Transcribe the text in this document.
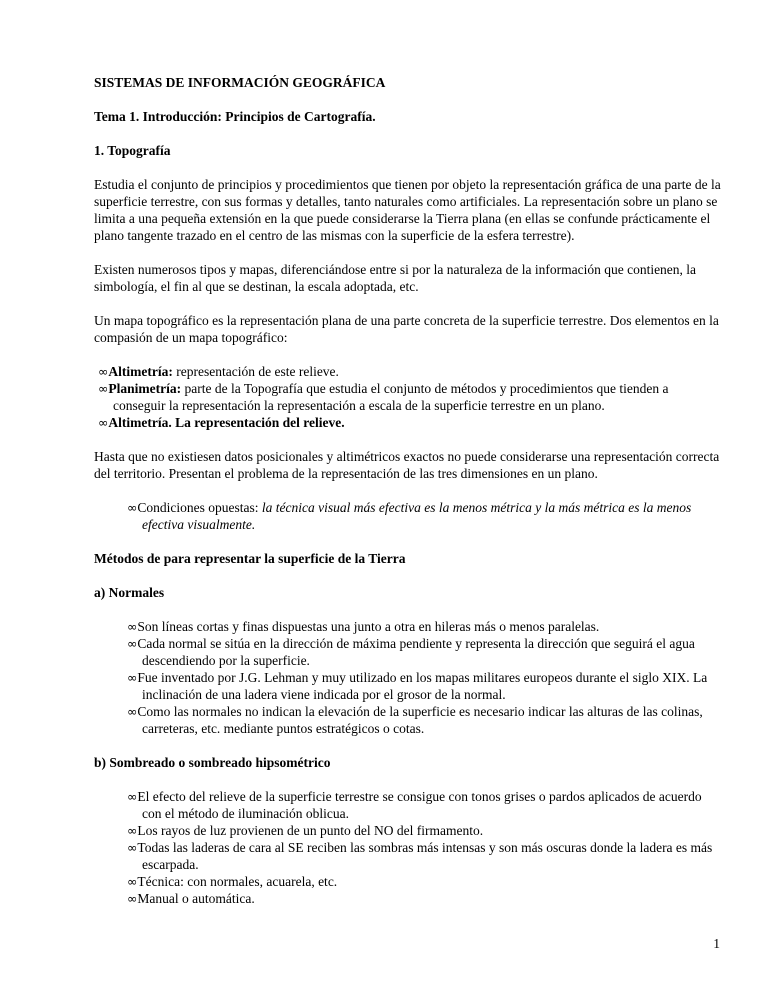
SISTEMAS DE INFORMACIÓN GEOGRÁFICA
Tema 1. Introducción: Principios de Cartografía.
1. Topografía

Estudia el conjunto de principios y procedimientos que tienen por objeto la representación gráfica de una parte de la superficie terrestre, con sus formas y detalles, tanto naturales como artificiales. La representación sobre un plano se limita a una pequeña extensión en la que puede considerarse la Tierra plana (en ellas se confunde prácticamente el plano tangente trazado en el centro de las mismas con la superficie de la esfera terrestre).

Existen numerosos tipos y mapas, diferenciándose entre si por la naturaleza de la información que contienen, la simbología, el fin al que se destinan, la escala adoptada, etc.

Un mapa topográfico es la representación plana de una parte concreta de la superficie terrestre. Dos elementos en la compasión de un mapa topográfico:

∞Altimetría: representación de este relieve.
∞Planimetría: parte de la Topografía que estudia el conjunto de métodos y procedimientos que tienden a conseguir la representación la representación a escala de la superficie terrestre en un plano.
∞Altimetría. La representación del relieve.

Hasta que no existiesen datos posicionales y altimétricos exactos no puede considerarse una representación correcta del territorio. Presentan el problema de la representación de las tres dimensiones en un plano.

∞Condiciones opuestas: la técnica visual más efectiva es la menos métrica y la más métrica es la menos efectiva visualmente.
Métodos de para representar la superficie de la Tierra
a) Normales
∞Son líneas cortas y finas dispuestas una junto a otra en hileras más o menos paralelas.
∞Cada normal se sitúa en la dirección de máxima pendiente y representa la dirección que seguirá el agua descendiendo por la superficie.
∞Fue inventado por J.G. Lehman y muy utilizado en los mapas militares europeos durante el siglo XIX. La inclinación de una ladera viene indicada por el grosor de la normal.
∞Como las normales no indican la elevación de la superficie es necesario indicar las alturas de las colinas, carreteras, etc. mediante puntos estratégicos o cotas.
b) Sombreado o sombreado hipsométrico
∞El efecto del relieve de la superficie terrestre se consigue con tonos grises o pardos aplicados de acuerdo con el método de iluminación oblicua.
∞Los rayos de luz provienen de un punto del NO del firmamento.
∞Todas las laderas de cara al SE reciben las sombras más intensas y son más oscuras donde la ladera es más escarpada.
∞Técnica: con normales, acuarela, etc.
∞Manual o automática.
1
